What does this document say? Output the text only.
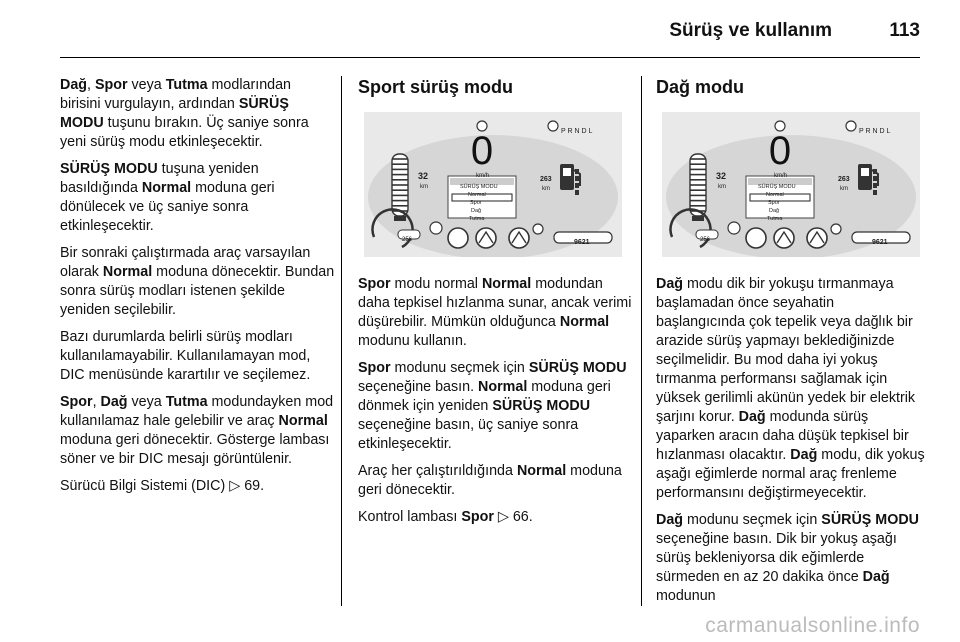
Sürüş ve kullanım	113

Dağ, Spor veya Tutma modlarından birisini vurgulayın, ardından SÜRÜŞ MODU tuşunu bırakın. Üç saniye sonra yeni sürüş modu etkinleşecektir.

SÜRÜŞ MODU tuşuna yeniden basıldığında Normal moduna geri dönülecek ve üç saniye sonra etkinleşecektir.

Bir sonraki çalıştırmada araç varsayılan olarak Normal moduna dönecektir. Bundan sonra sürüş modları istenen şekilde yeniden seçilebilir.

Bazı durumlarda belirli sürüş modları kullanılamayabilir. Kullanılamayan mod, DIC menüsünde karartılır ve seçilemez.

Spor, Dağ veya Tutma modundayken mod kullanılamaz hale gelebilir ve araç Normal moduna geri dönecektir. Gösterge lambası söner ve bir DIC mesajı görüntülenir.

Sürücü Bilgi Sistemi (DIC) ▷ 69.

Sport sürüş modu
0
km/h
32
km
263
km
P R N D L
9621
256
SÜRÜŞ MODU
Normal
Spor
Dağ
Tutma

Spor modu normal Normal modundan daha tepkisel hızlanma sunar, ancak verimi düşürebilir. Mümkün olduğunca Normal modunu kullanın.

Spor modunu seçmek için SÜRÜŞ MODU seçeneğine basın. Normal moduna geri dönmek için yeniden SÜRÜŞ MODU seçeneğine basın, üç saniye sonra etkinleşecektir.

Araç her çalıştırıldığında Normal moduna geri dönecektir.

Kontrol lambası Spor ▷ 66.

Dağ modu
0
km/h
32
km
263
km
P R N D L
9621
256
SÜRÜŞ MODU
Normal
Spor
Dağ
Tutma

Dağ modu dik bir yokuşu tırmanmaya başlamadan önce seyahatin başlangıcında çok tepelik veya dağlık bir arazide sürüş yapmayı beklediğinizde seçilmelidir. Bu mod daha iyi yokuş tırmanma performansı sağlamak için yüksek gerilimli akünün yedek bir elektrik şarjını korur. Dağ modunda sürüş yaparken aracın daha düşük tepkisel bir hızlanması olacaktır. Dağ modu, dik yokuş aşağı eğimlerde normal araç frenleme performansını değiştirmeyecektir.

Dağ modunu seçmek için SÜRÜŞ MODU seçeneğine basın. Dik bir yokuş aşağı sürüş bekleniyorsa dik eğimlerde sürmeden en az 20 dakika önce Dağ modunun

carmanualsonline.info
